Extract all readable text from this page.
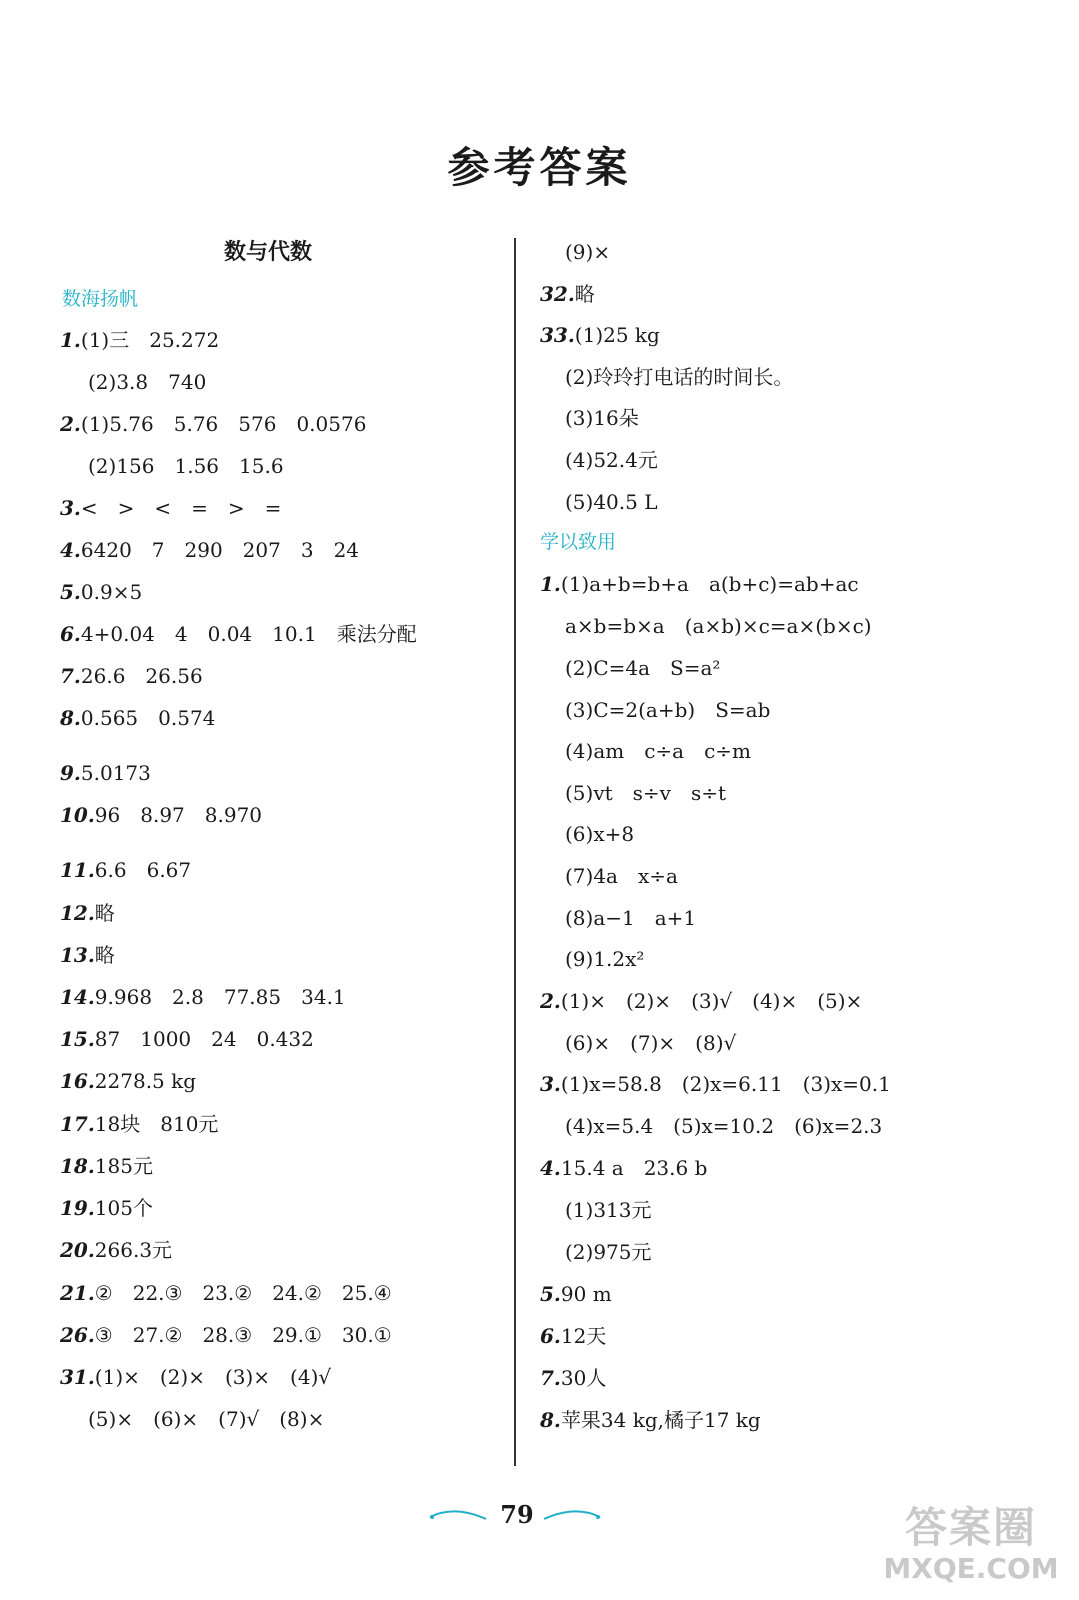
参考答案
数与代数
数海扬帆
1.(1)三　25.272
(2)3.8　740
2.(1)5.76　5.76　576　0.0576
(2)156　1.56　15.6
3.<　>　<　=　>　=
4.6420　7　290　207　3　24
5.0.9×5
6.4+0.04　4　0.04　10.1　乘法分配
7.26.6　26.56
8.0.565　0.574
9.5.0173
10.96　8.97　8.970
11.6.6　6.67
12.略
13.略
14.9.968　2.8　77.85　34.1
15.87　1000　24　0.432
16.2278.5 kg
17.18块　810元
18.185元
19.105个
20.266.3元
21.②　22.③　23.②　24.②　25.④
26.③　27.②　28.③　29.①　30.①
31.(1)×　(2)×　(3)×　(4)√
(5)×　(6)×　(7)√　(8)×
(9)×
32.略
33.(1)25 kg
(2)玲玲打电话的时间长。
(3)16朵
(4)52.4元
(5)40.5 L
1.(1)a+b=b+a　a(b+c)=ab+ac
a×b=b×a　(a×b)×c=a×(b×c)
(2)C=4a　S=a²
(3)C=2(a+b)　S=ab
(4)am　c÷a　c÷m
(5)vt　s÷v　s÷t
(6)x+8
(7)4a　x÷a
(8)a−1　a+1
(9)1.2x²
2.(1)×　(2)×　(3)√　(4)×　(5)×
(6)×　(7)×　(8)√
3.(1)x=58.8　(2)x=6.11　(3)x=0.1
(4)x=5.4　(5)x=10.2　(6)x=2.3
4.15.4 a　23.6 b
(1)313元
(2)975元
5.90 m
6.12天
7.30人
8.苹果34 kg,橘子17 kg
学以致用
79	答案圈
MXQE.COM
